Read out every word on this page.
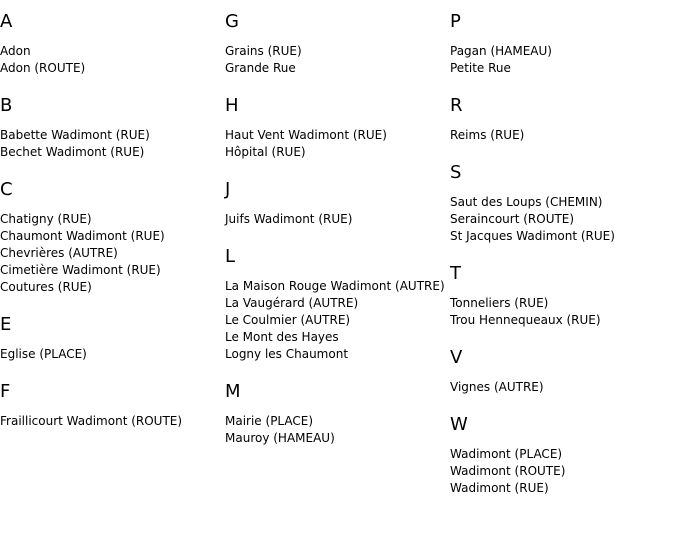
A
Adon
Adon (ROUTE)
B
Babette Wadimont (RUE)
Bechet Wadimont (RUE)
C
Chatigny (RUE)
Chaumont Wadimont (RUE)
Chevrières (AUTRE)
Cimetière Wadimont (RUE)
Coutures (RUE)
E
Eglise (PLACE)
F
Fraillicourt Wadimont (ROUTE)
G
Grains (RUE)
Grande Rue
H
Haut Vent Wadimont (RUE)
Hôpital (RUE)
J
Juifs Wadimont (RUE)
L
La Maison Rouge Wadimont (AUTRE)
La Vaugérard (AUTRE)
Le Coulmier (AUTRE)
Le Mont des Hayes
Logny les Chaumont
M
Mairie (PLACE)
Mauroy (HAMEAU)
P
Pagan (HAMEAU)
Petite Rue
R
Reims (RUE)
S
Saut des Loups (CHEMIN)
Seraincourt (ROUTE)
St Jacques Wadimont (RUE)
T
Tonneliers (RUE)
Trou Hennequeaux (RUE)
V
Vignes (AUTRE)
W
Wadimont (PLACE)
Wadimont (ROUTE)
Wadimont (RUE)
